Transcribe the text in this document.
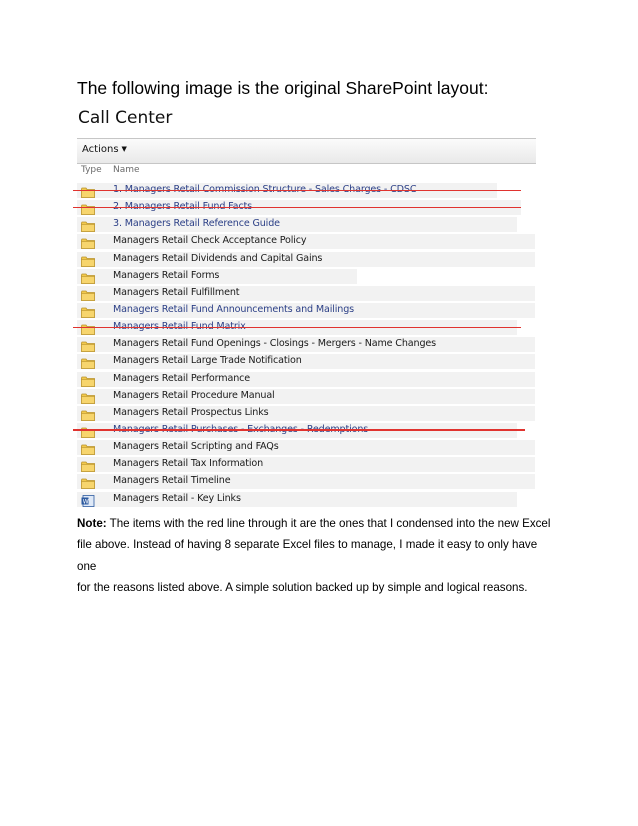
The following image is the original SharePoint layout:
Call Center
Actions ▼
Type Name
3. Managers Retail Reference Guide
Managers Retail Check Acceptance Policy
Managers Retail Dividends and Capital Gains
Managers Retail Forms
Managers Retail Fulfillment
Managers Retail Fund Announcements and Mailings
Managers Retail Fund Openings - Closings - Mergers - Name Changes
Managers Retail Large Trade Notification
Managers Retail Performance
Managers Retail Procedure Manual
Managers Retail Prospectus Links
Managers Retail Scripting and FAQs
Managers Retail Tax Information
Managers Retail Timeline
W	Managers Retail - Key Links
Note: The items with the red line through it are the ones that I condensed into the new Excel
file above. Instead of having 8 separate Excel files to manage, I made it easy to only have one
for the reasons listed above. A simple solution backed up by simple and logical reasons.
